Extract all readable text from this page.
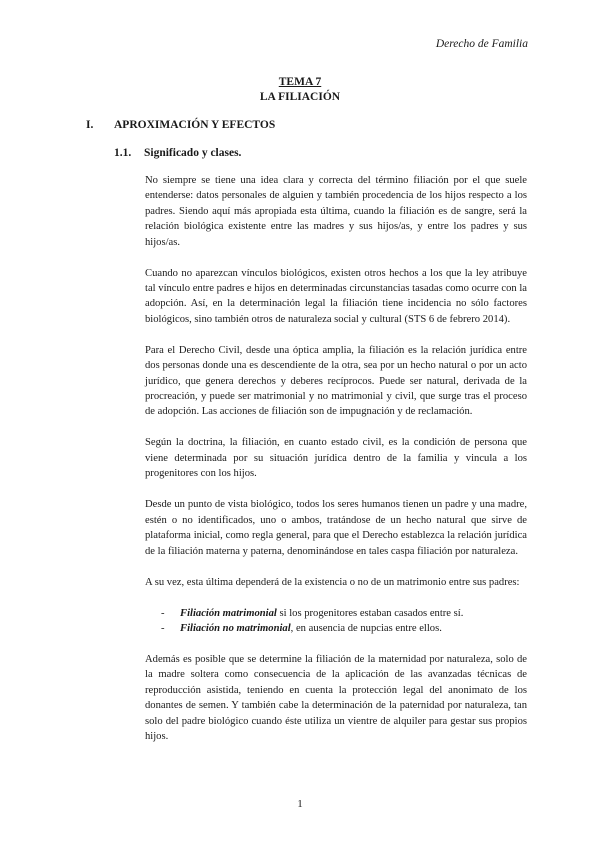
Derecho de Familia
TEMA 7
LA FILIACIÓN
I. APROXIMACIÓN Y EFECTOS
1.1. Significado y clases.

No siempre se tiene una idea clara y correcta del término filiación por el que suele entenderse: datos personales de alguien y también procedencia de los hijos respecto a los padres. Siendo aquí más apropiada esta última, cuando la filiación es de sangre, será la relación biológica existente entre las madres y sus hijos/as, y entre los padres y sus hijos/as.

Cuando no aparezcan vínculos biológicos, existen otros hechos a los que la ley atribuye tal vínculo entre padres e hijos en determinadas circunstancias tasadas como ocurre con la adopción. Así, en la determinación legal la filiación tiene incidencia no sólo factores biológicos, sino también otros de naturaleza social y cultural (STS 6 de febrero 2014).

Para el Derecho Civil, desde una óptica amplia, la filiación es la relación jurídica entre dos personas donde una es descendiente de la otra, sea por un hecho natural o por un acto jurídico, que genera derechos y deberes recíprocos. Puede ser natural, derivada de la procreación, y puede ser matrimonial y no matrimonial y civil, que surge tras el proceso de adopción. Las acciones de filiación son de impugnación y de reclamación.

Según la doctrina, la filiación, en cuanto estado civil, es la condición de persona que viene determinada por su situación jurídica dentro de la familia y vincula a los progenitores con los hijos.

Desde un punto de vista biológico, todos los seres humanos tienen un padre y una madre, estén o no identificados, uno o ambos, tratándose de un hecho natural que sirve de plataforma inicial, como regla general, para que el Derecho establezca la relación jurídica de la filiación materna y paterna, denominándose en tales caspa filiación por naturaleza.

A su vez, esta última dependerá de la existencia o no de un matrimonio entre sus padres:

- Filiación matrimonial si los progenitores estaban casados entre sí.
- Filiación no matrimonial, en ausencia de nupcias entre ellos.

Además es posible que se determine la filiación de la maternidad por naturaleza, solo de la madre soltera como consecuencia de la aplicación de las avanzadas técnicas de reproducción asistida, teniendo en cuenta la protección legal del anonimato de los donantes de semen. Y también cabe la determinación de la paternidad por naturaleza, tan solo del padre biológico cuando éste utiliza un vientre de alquiler para gestar sus propios hijos.

1
